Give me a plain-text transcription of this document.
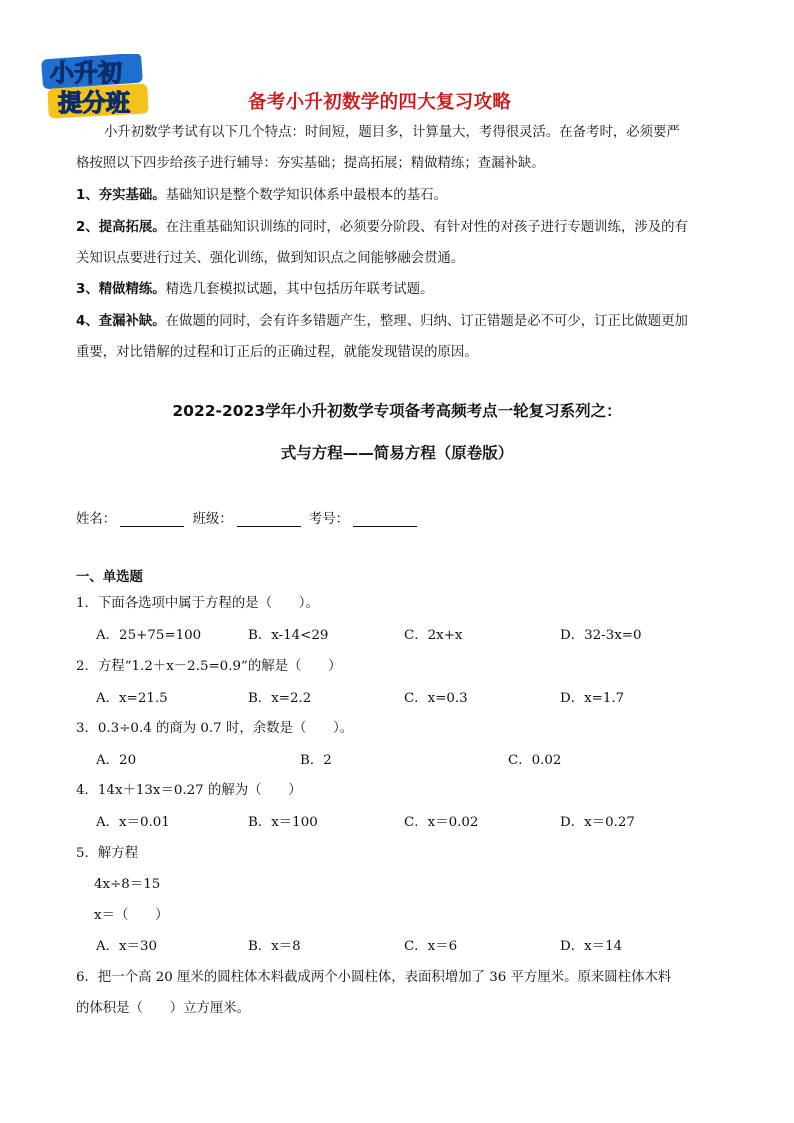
小升初
提分班	备考小升初数学的四大复习攻略
小升初数学考试有以下几个特点：时间短，题目多，计算量大，考得很灵活。在备考时，必须要严
格按照以下四步给孩子进行辅导：夯实基础；提高拓展；精做精练；查漏补缺。
1、夯实基础。基础知识是整个数学知识体系中最根本的基石。
2、提高拓展。在注重基础知识训练的同时，必须要分阶段、有针对性的对孩子进行专题训练，涉及的有
关知识点要进行过关、强化训练，做到知识点之间能够融会贯通。
3、精做精练。精选几套模拟试题，其中包括历年联考试题。
4、查漏补缺。在做题的同时，会有许多错题产生，整理、归纳、订正错题是必不可少，订正比做题更加
重要，对比错解的过程和订正后的正确过程，就能发现错误的原因。
2022-2023学年小升初数学专项备考高频考点一轮复习系列之：
式与方程——简易方程（原卷版）
姓名：	班级：	考号：
一、单选题
1．下面各选项中属于方程的是（　　）。
A．25+75=100	B．x-14<29	C．2x+x	D．32-3x=0
2．方程“1.2＋x－2.5=0.9”的解是（　　）
A．x=21.5	B．x=2.2	C．x=0.3	D．x=1.7
3．0.3÷0.4 的商为 0.7 时，余数是（　　）。
A．20	B．2	C．0.02
4．14x＋13x＝0.27 的解为（　　）
A．x＝0.01	B．x＝100	C．x＝0.02	D．x＝0.27
5．解方程
4x÷8＝15
x＝（　　）
A．x＝30	B．x＝8	C．x＝6	D．x＝14
6．把一个高 20 厘米的圆柱体木料截成两个小圆柱体，表面积增加了 36 平方厘米。原来圆柱体木料
的体积是（　　）立方厘米。
